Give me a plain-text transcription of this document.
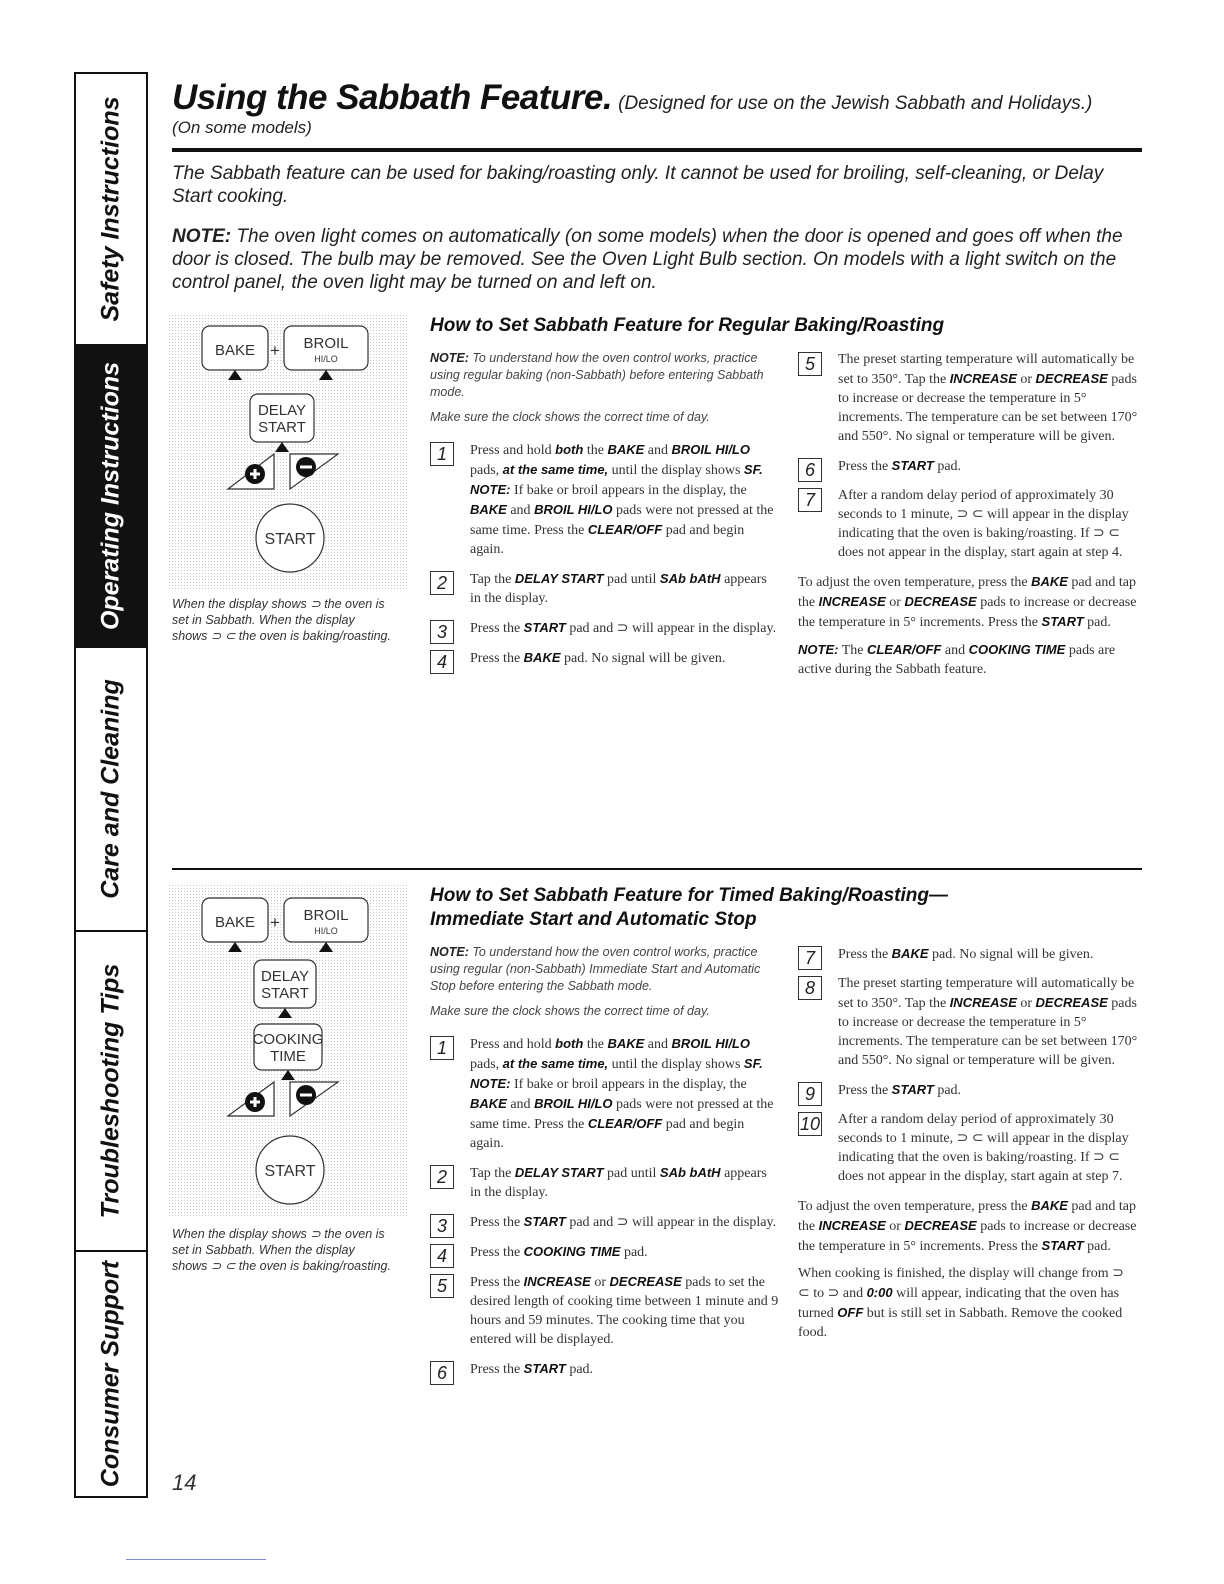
Safety Instructions
Operating Instructions
Care and Cleaning
Troubleshooting Tips
Consumer Support
Using the Sabbath Feature. (Designed for use on the Jewish Sabbath and Holidays.)
(On some models)
The Sabbath feature can be used for baking/roasting only. It cannot be used for broiling, self-cleaning, or Delay Start cooking.
NOTE: The oven light comes on automatically (on some models) when the door is opened and goes off when the door is closed. The bulb may be removed. See the Oven Light Bulb section. On models with a light switch on the control panel, the oven light may be turned on and left on.
BAKE + BROIL
HI/LO
DELAY
START
START
When the display shows ⊃ the oven is set in Sabbath. When the display shows ⊃ ⊂ the oven is baking/roasting.
How to Set Sabbath Feature for Regular Baking/Roasting
NOTE: To understand how the oven control works, practice using regular baking (non-Sabbath) before entering Sabbath mode.
Make sure the clock shows the correct time of day.
1	Press and hold both the BAKE and BROIL HI/LO pads, at the same time, until the display shows SF. NOTE: If bake or broil appears in the display, the BAKE and BROIL HI/LO pads were not pressed at the same time. Press the CLEAR/OFF pad and begin again.
2	Tap the DELAY START pad until SAb bAtH appears in the display.
3	Press the START pad and ⊃ will appear in the display.
4	Press the BAKE pad. No signal will be given.
5	The preset starting temperature will automatically be set to 350°. Tap the INCREASE or DECREASE pads to increase or decrease the temperature in 5° increments. The temperature can be set between 170° and 550°. No signal or temperature will be given.
6	Press the START pad.
7	After a random delay period of approximately 30 seconds to 1 minute, ⊃ ⊂ will appear in the display indicating that the oven is baking/roasting. If ⊃ ⊂ does not appear in the display, start again at step 4.
To adjust the oven temperature, press the BAKE pad and tap the INCREASE or DECREASE pads to increase or decrease the temperature in 5° increments. Press the START pad.
NOTE: The CLEAR/OFF and COOKING TIME pads are active during the Sabbath feature.
BAKE + BROIL
HI/LO
DELAY
START
COOKING
TIME
START
When the display shows ⊃ the oven is set in Sabbath. When the display shows ⊃ ⊂ the oven is baking/roasting.
How to Set Sabbath Feature for Timed Baking/Roasting—
Immediate Start and Automatic Stop
NOTE: To understand how the oven control works, practice using regular (non-Sabbath) Immediate Start and Automatic Stop before entering the Sabbath mode.
Make sure the clock shows the correct time of day.
1	Press and hold both the BAKE and BROIL HI/LO pads, at the same time, until the display shows SF. NOTE: If bake or broil appears in the display, the BAKE and BROIL HI/LO pads were not pressed at the same time. Press the CLEAR/OFF pad and begin again.
2	Tap the DELAY START pad until SAb bAtH appears in the display.
3	Press the START pad and ⊃ will appear in the display.
4	Press the COOKING TIME pad.
5	Press the INCREASE or DECREASE pads to set the desired length of cooking time between 1 minute and 9 hours and 59 minutes. The cooking time that you entered will be displayed.
6	Press the START pad.
7	Press the BAKE pad. No signal will be given.
8	The preset starting temperature will automatically be set to 350°. Tap the INCREASE or DECREASE pads to increase or decrease the temperature in 5° increments. The temperature can be set between 170° and 550°. No signal or temperature will be given.
9	Press the START pad.
10 After a random delay period of approximately 30 seconds to 1 minute, ⊃ ⊂ will appear in the display indicating that the oven is baking/roasting. If ⊃ ⊂ does not appear in the display, start again at step 7.
To adjust the oven temperature, press the BAKE pad and tap the INCREASE or DECREASE pads to increase or decrease the temperature in 5° increments. Press the START pad.
When cooking is finished, the display will change from ⊃ ⊂ to ⊃ and 0:00 will appear, indicating that the oven has turned OFF but is still set in Sabbath. Remove the cooked food.
14
